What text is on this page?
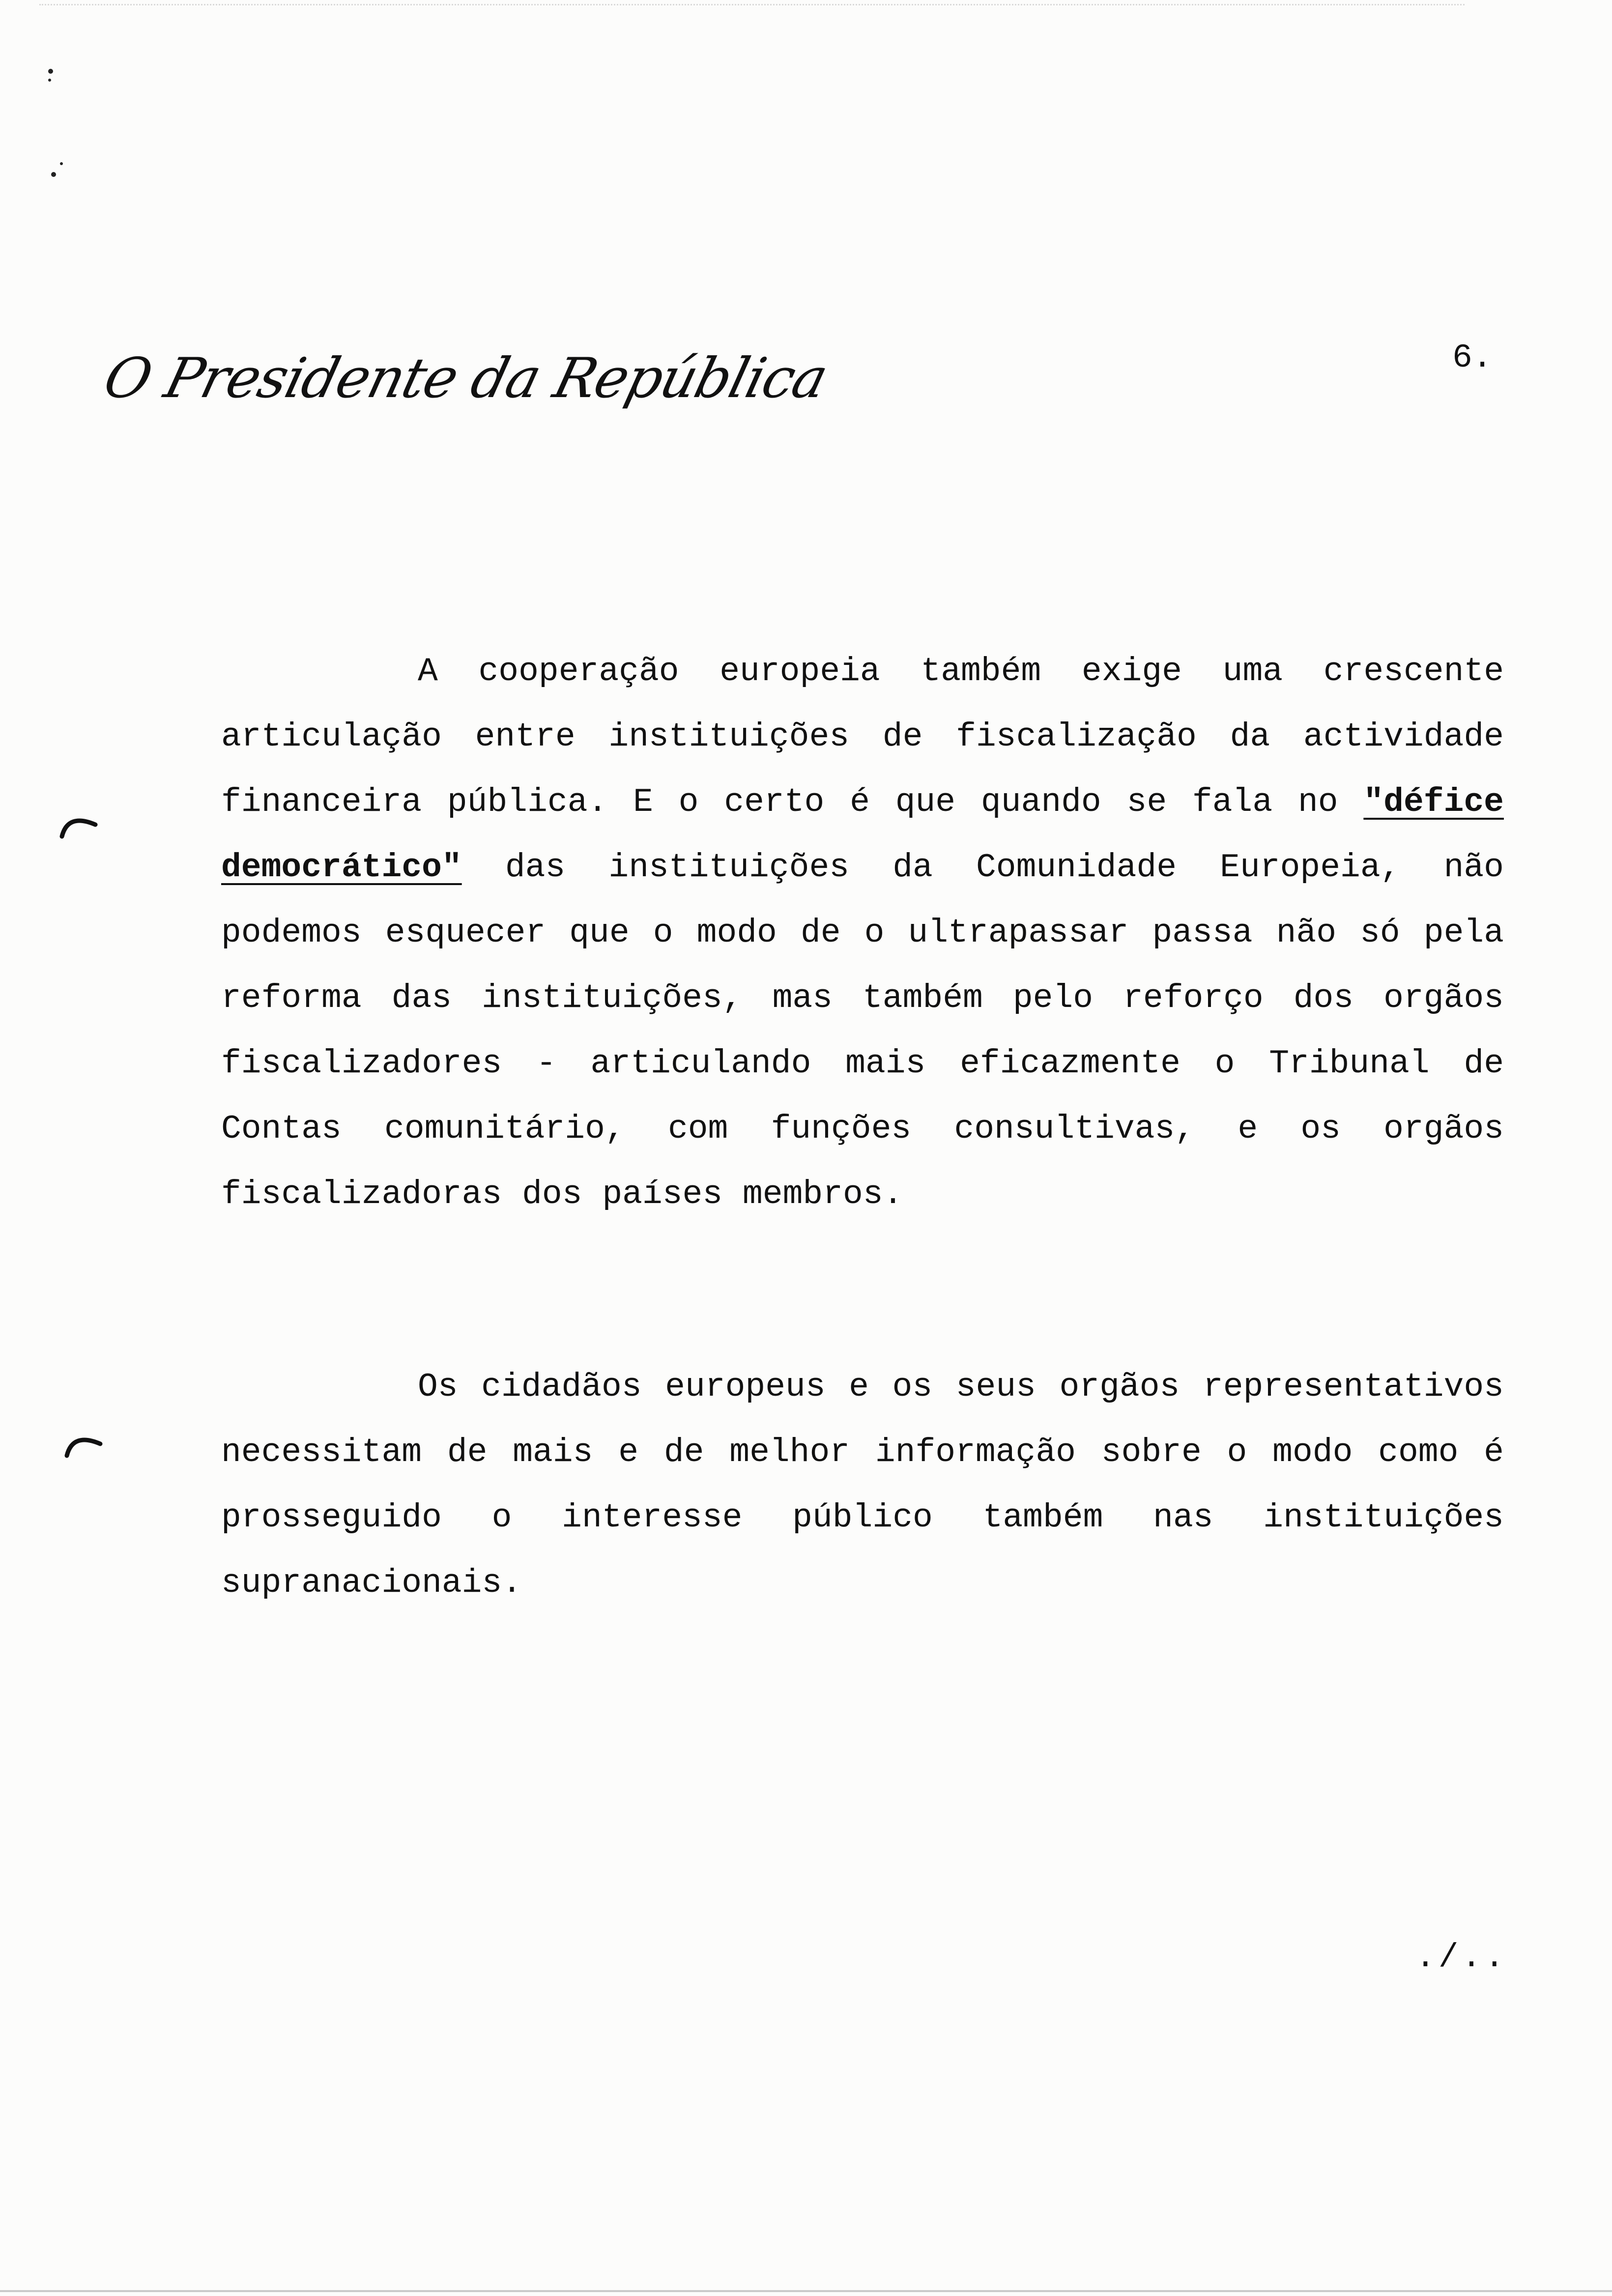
O Presidente da República	6.
A cooperação europeia também exige uma crescente articulação entre instituições de fiscalização da actividade financeira pública. E o certo é que quando se fala no "défice democrático" das instituições da Comunidade Europeia, não podemos esquecer que o modo de o ultrapassar passa não só pela reforma das instituições, mas também pelo reforço dos orgãos fiscalizadores - articulando mais eficazmente o Tribunal de Contas comunitário, com funções consultivas, e os orgãos fiscalizadoras dos países membros.
Os cidadãos europeus e os seus orgãos representativos necessitam de mais e de melhor informação sobre o modo como é prosseguido o interesse público também nas instituições supranacionais.
./..
